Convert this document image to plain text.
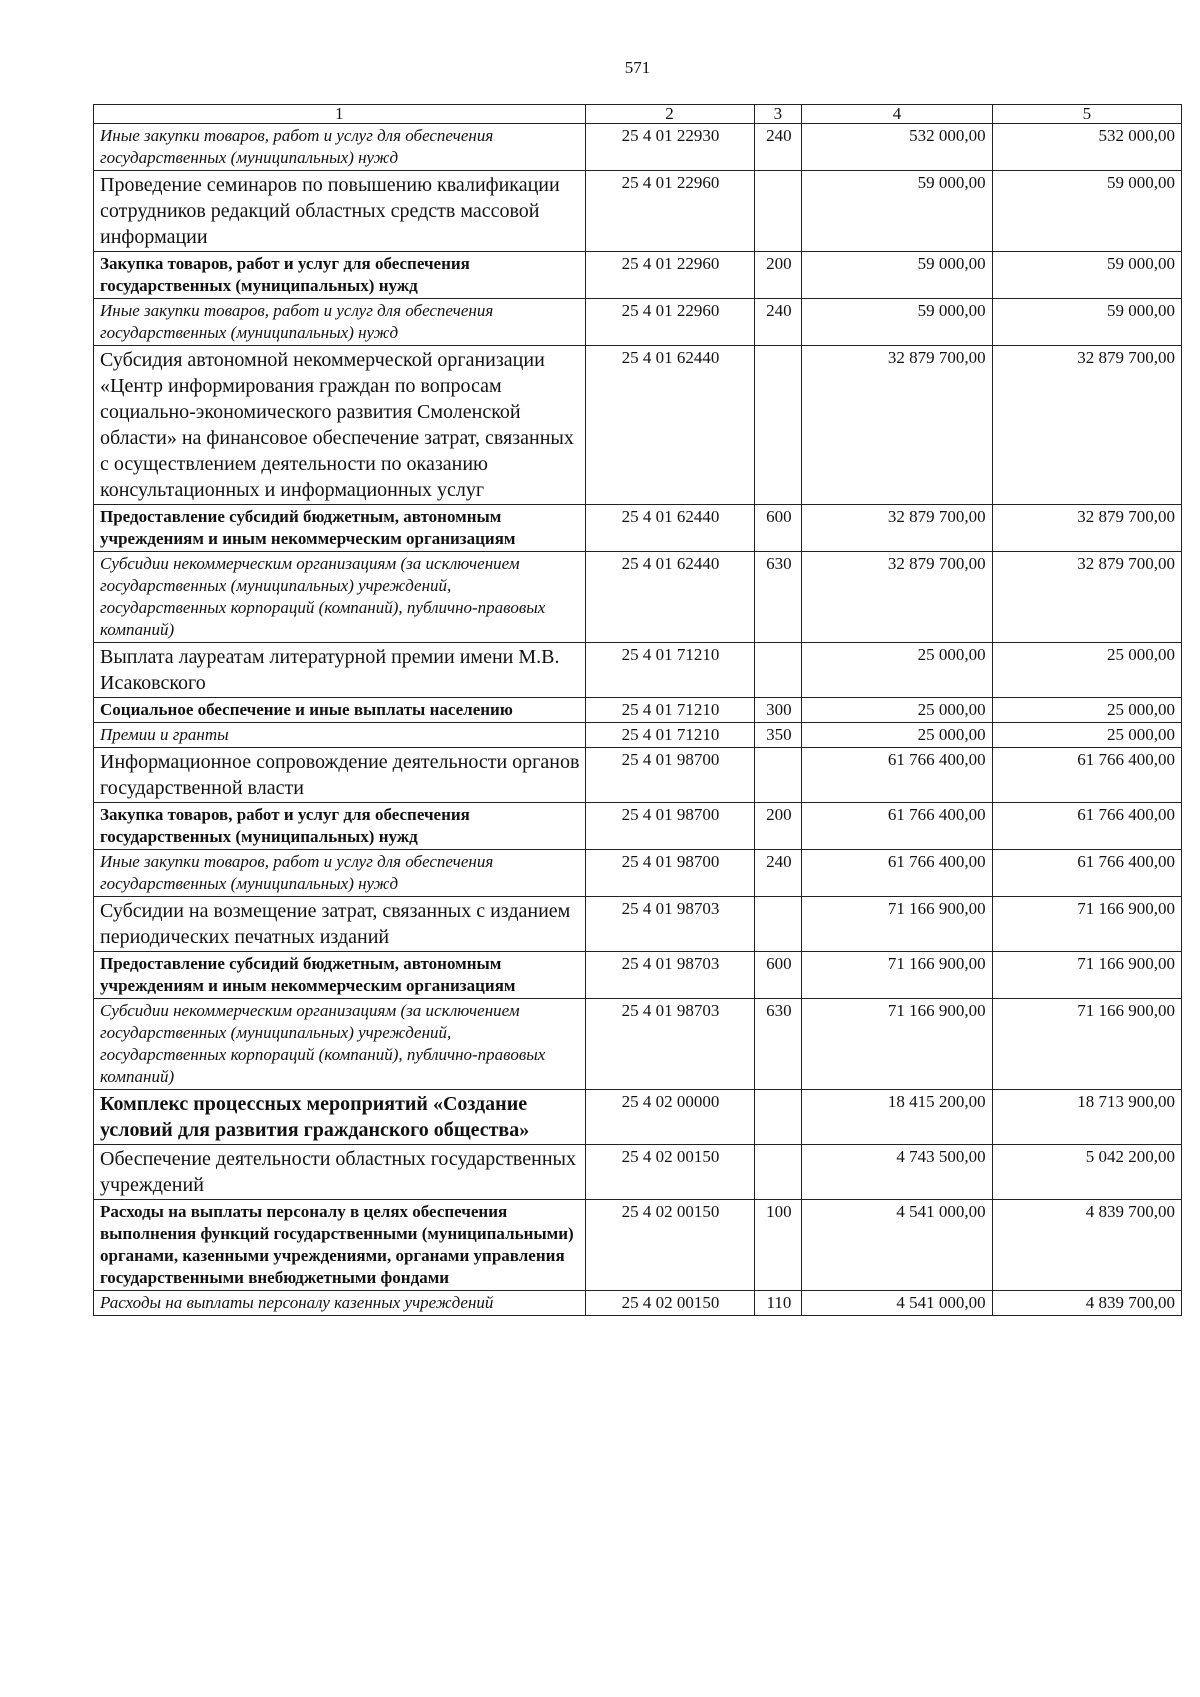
571
1	2	3	4	5
Иные закупки товаров, работ и услуг для обеспечения государственных (муниципальных) нужд	25 4 01 22930	240	532 000,00	532 000,00
Проведение семинаров по повышению квалификации сотрудников редакций областных средств массовой информации	25 4 01 22960		59 000,00	59 000,00
Закупка товаров, работ и услуг для обеспечения государственных (муниципальных) нужд	25 4 01 22960	200	59 000,00	59 000,00
Иные закупки товаров, работ и услуг для обеспечения государственных (муниципальных) нужд	25 4 01 22960	240	59 000,00	59 000,00
Субсидия автономной некоммерческой организации «Центр информирования граждан по вопросам социально-экономического развития Смоленской области» на финансовое обеспечение затрат, связанных с осуществлением деятельности по оказанию консультационных и информационных услуг	25 4 01 62440		32 879 700,00	32 879 700,00
Предоставление субсидий бюджетным, автономным учреждениям и иным некоммерческим организациям	25 4 01 62440	600	32 879 700,00	32 879 700,00
Субсидии некоммерческим организациям (за исключением государственных (муниципальных) учреждений, государственных корпораций (компаний), публично-правовых компаний)	25 4 01 62440	630	32 879 700,00	32 879 700,00
Выплата лауреатам литературной премии имени М.В. Исаковского	25 4 01 71210		25 000,00	25 000,00
Социальное обеспечение и иные выплаты населению	25 4 01 71210	300	25 000,00	25 000,00
Премии и гранты	25 4 01 71210	350	25 000,00	25 000,00
Информационное сопровождение деятельности органов государственной власти	25 4 01 98700		61 766 400,00	61 766 400,00
Закупка товаров, работ и услуг для обеспечения государственных (муниципальных) нужд	25 4 01 98700	200	61 766 400,00	61 766 400,00
Иные закупки товаров, работ и услуг для обеспечения государственных (муниципальных) нужд	25 4 01 98700	240	61 766 400,00	61 766 400,00
Субсидии на возмещение затрат, связанных с изданием периодических печатных изданий	25 4 01 98703		71 166 900,00	71 166 900,00
Предоставление субсидий бюджетным, автономным учреждениям и иным некоммерческим организациям	25 4 01 98703	600	71 166 900,00	71 166 900,00
Субсидии некоммерческим организациям (за исключением государственных (муниципальных) учреждений, государственных корпораций (компаний), публично-правовых компаний)	25 4 01 98703	630	71 166 900,00	71 166 900,00
Комплекс процессных мероприятий «Создание условий для развития гражданского общества»	25 4 02 00000		18 415 200,00	18 713 900,00
Обеспечение деятельности областных государственных учреждений	25 4 02 00150		4 743 500,00	5 042 200,00
Расходы на выплаты персоналу в целях обеспечения выполнения функций государственными (муниципальными) органами, казенными учреждениями, органами управления государственными внебюджетными фондами	25 4 02 00150	100	4 541 000,00	4 839 700,00
Расходы на выплаты персоналу казенных учреждений	25 4 02 00150	110	4 541 000,00	4 839 700,00
